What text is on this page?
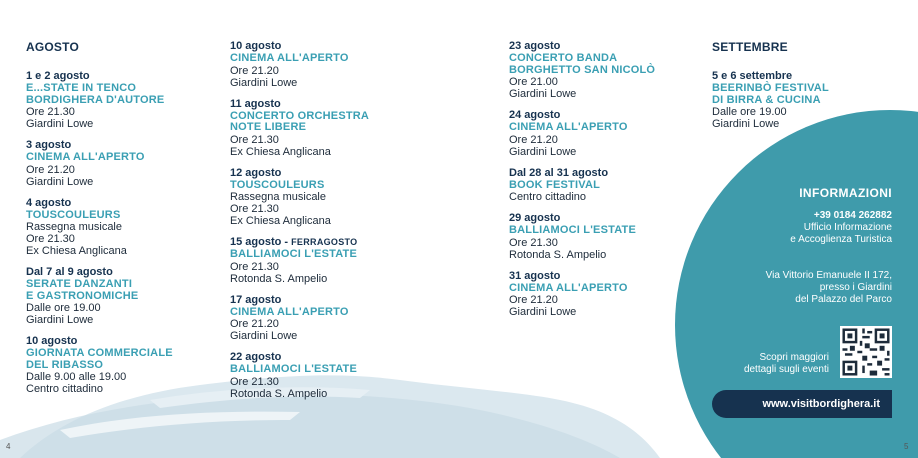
AGOSTO
1 e 2 agosto
E...STATE IN TENCO
BORDIGHERA D'AUTORE
Ore 21.30
Giardini Lowe
3 agosto
CINEMA ALL'APERTO
Ore 21.20
Giardini Lowe
4 agosto
TOUSCOULEURS
Rassegna musicale
Ore 21.30
Ex Chiesa Anglicana
Dal 7 al 9 agosto
SERATE DANZANTI
E GASTRONOMICHE
Dalle ore 19.00
Giardini Lowe
10 agosto
GIORNATA COMMERCIALE
DEL RIBASSO
Dalle 9.00 alle 19.00
Centro cittadino
10 agosto
CINEMA ALL'APERTO
Ore 21.20
Giardini Lowe
11 agosto
CONCERTO ORCHESTRA
NOTE LIBERE
Ore 21.30
Ex Chiesa Anglicana
12 agosto
TOUSCOULEURS
Rassegna musicale
Ore 21.30
Ex Chiesa Anglicana
15 agosto - FERRAGOSTO
BALLIAMOCI L'ESTATE
Ore 21.30
Rotonda S. Ampelio
17 agosto
CINEMA ALL'APERTO
Ore 21.20
Giardini Lowe
22 agosto
BALLIAMOCI L'ESTATE
Ore 21.30
Rotonda S. Ampelio
23 agosto
CONCERTO BANDA
BORGHETTO SAN NICOLÒ
Ore 21.00
Giardini Lowe
24 agosto
CINEMA ALL'APERTO
Ore 21.20
Giardini Lowe
Dal 28 al 31 agosto
BOOK FESTIVAL
Centro cittadino
29 agosto
BALLIAMOCI L'ESTATE
Ore 21.30
Rotonda S. Ampelio
31 agosto
CINEMA ALL'APERTO
Ore 21.20
Giardini Lowe
SETTEMBRE
5 e 6 settembre
BEERINBÒ FESTIVAL
DI BIRRA & CUCINA
Dalle ore 19.00
Giardini Lowe
INFORMAZIONI
+39 0184 262882
Ufficio Informazione
e Accoglienza Turistica
Via Vittorio Emanuele II 172,
presso i Giardini
del Palazzo del Parco
Scopri maggiori
dettagli sugli eventi
www.visitbordighera.it
4	5
